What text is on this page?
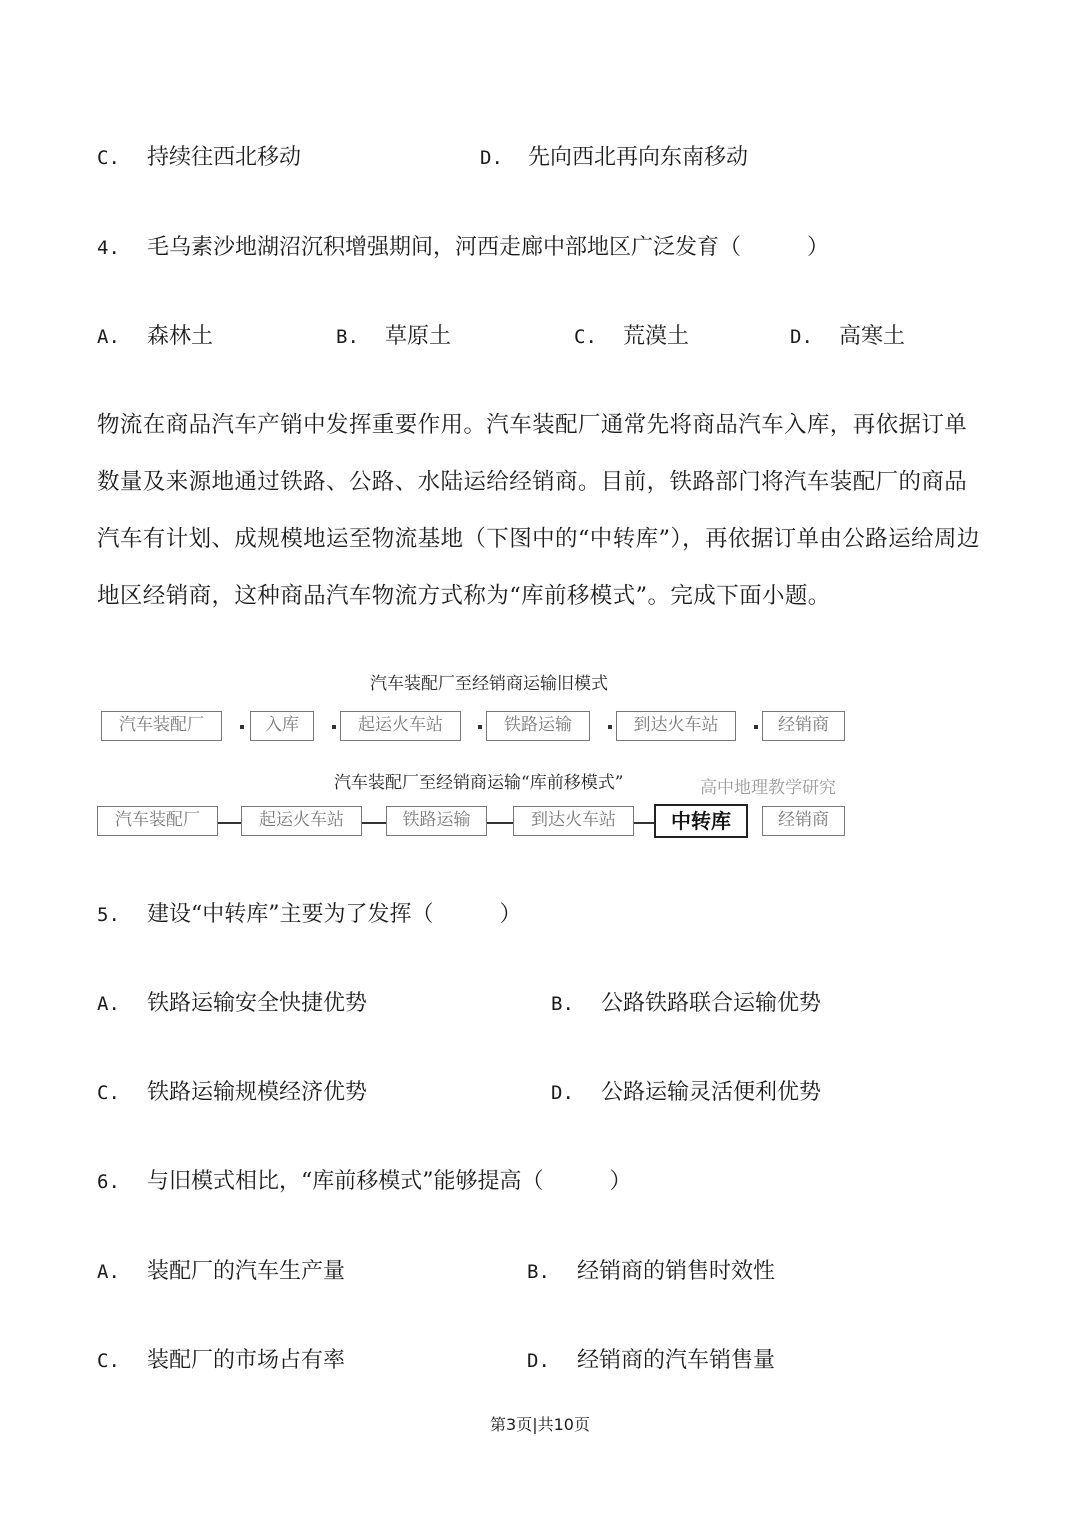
C. 持续往西北移动	D. 先向西北再向东南移动
4. 毛乌素沙地湖沼沉积增强期间，河西走廊中部地区广泛发育（　　　）
A. 森林土	B. 草原土	C. 荒漠土	D. 高寒土
物流在商品汽车产销中发挥重要作用。汽车装配厂通常先将商品汽车入库，再依据订单数量及来源地通过铁路、公路、水陆运给经销商。目前，铁路部门将汽车装配厂的商品汽车有计划、成规模地运至物流基地（下图中的“中转库”），再依据订单由公路运给周边地区经销商，这种商品汽车物流方式称为“库前移模式”。完成下面小题。
汽车装配厂至经销商运输旧模式
汽车装配厂	入库	起运火车站	铁路运输	到达火车站	经销商
汽车装配厂至经销商运输“库前移模式”	高中地理教学研究
汽车装配厂	起运火车站	铁路运输	到达火车站	中转库	经销商
5. 建设“中转库”主要为了发挥（　　　）
A. 铁路运输安全快捷优势	B. 公路铁路联合运输优势
C. 铁路运输规模经济优势	D. 公路运输灵活便利优势
6. 与旧模式相比，“库前移模式”能够提高（　　　）
A. 装配厂的汽车生产量	B. 经销商的销售时效性
C. 装配厂的市场占有率	D. 经销商的汽车销售量
第3页|共10页
